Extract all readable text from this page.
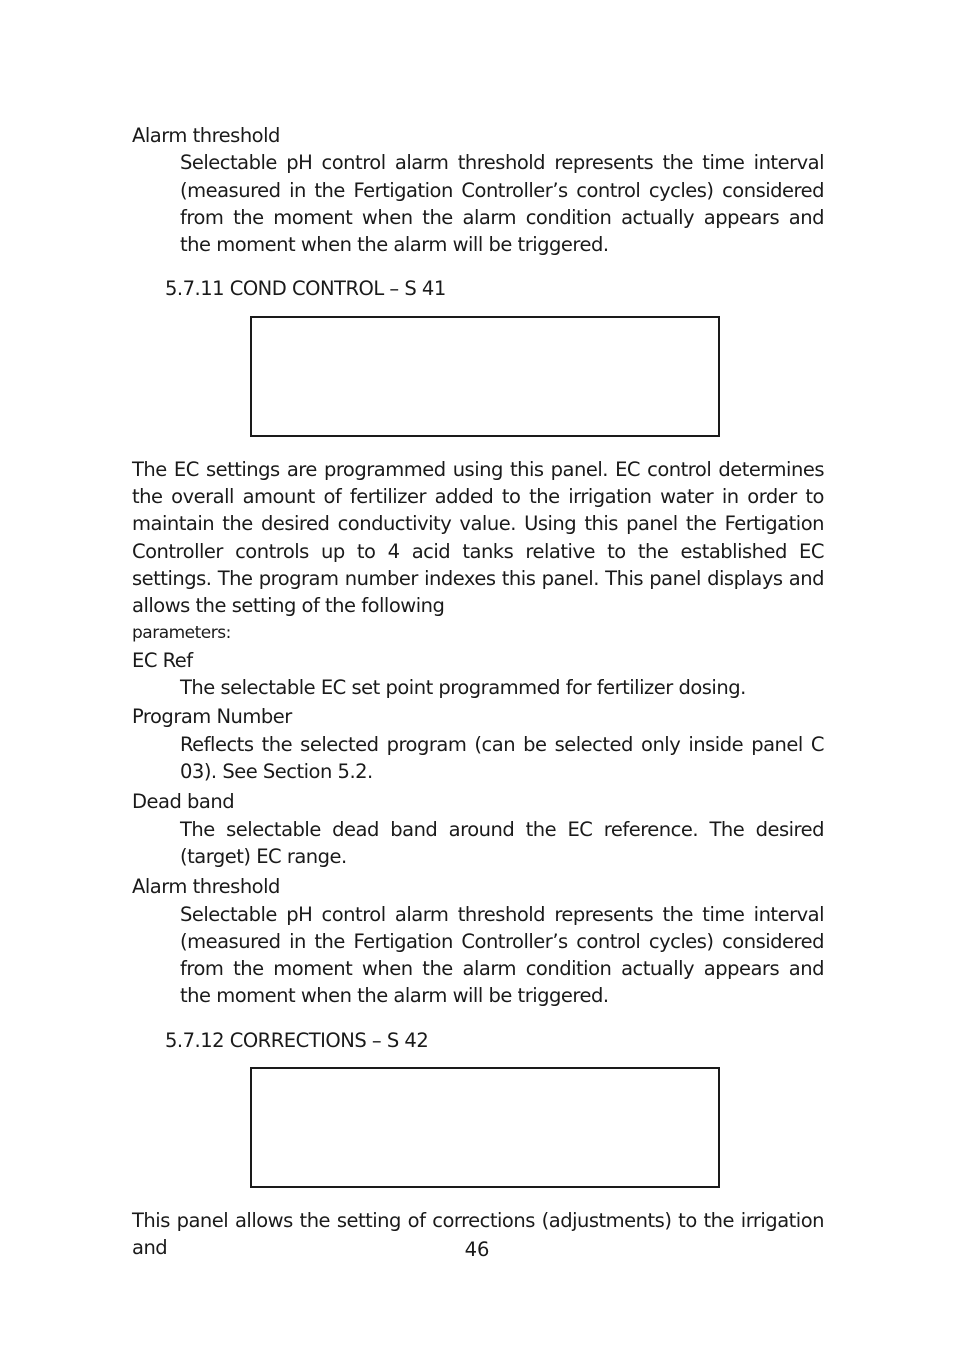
Alarm threshold

Selectable pH control alarm threshold represents the time interval (measured in the Fertigation Controller’s control cycles) considered from the moment when the alarm condition actually appears and the moment when the alarm will be triggered.

5.7.11 COND CONTROL – S 41

The EC settings are programmed using this panel. EC control determines the overall amount of fertilizer added to the irrigation water in order to maintain the desired conductivity value. Using this panel the Fertigation Controller controls up to 4 acid tanks relative to the established EC settings. The program number indexes this panel. This panel displays and allows the setting of the following

parameters:

EC Ref

The selectable EC set point programmed for fertilizer dosing.

Program Number

Reflects the selected program (can be selected only inside panel C 03). See Section 5.2.

Dead band

The selectable dead band around the EC reference. The desired (target) EC range.

Alarm threshold

Selectable pH control alarm threshold represents the time interval (measured in the Fertigation Controller’s control cycles) considered from the moment when the alarm condition actually appears and the moment when the alarm will be triggered.

5.7.12 CORRECTIONS – S 42

This panel allows the setting of corrections (adjustments) to the irrigation and	46
